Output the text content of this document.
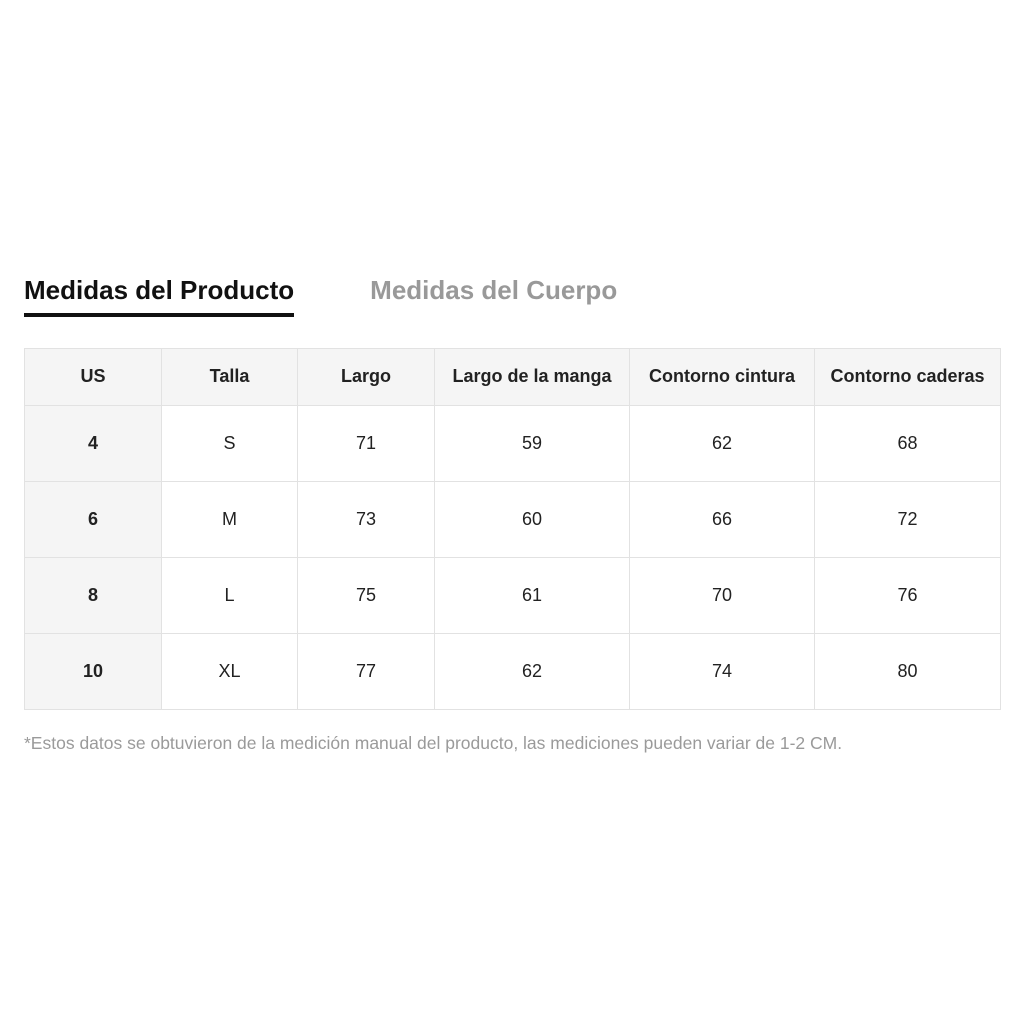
Medidas del Producto	Medidas del Cuerpo
US	Talla	Largo	Largo de la manga	Contorno cintura	Contorno caderas
4	S	71	59	62	68
6	M	73	60	66	72
8	L	75	61	70	76
10	XL	77	62	74	80

*Estos datos se obtuvieron de la medición manual del producto, las mediciones pueden variar de 1-2 CM.
